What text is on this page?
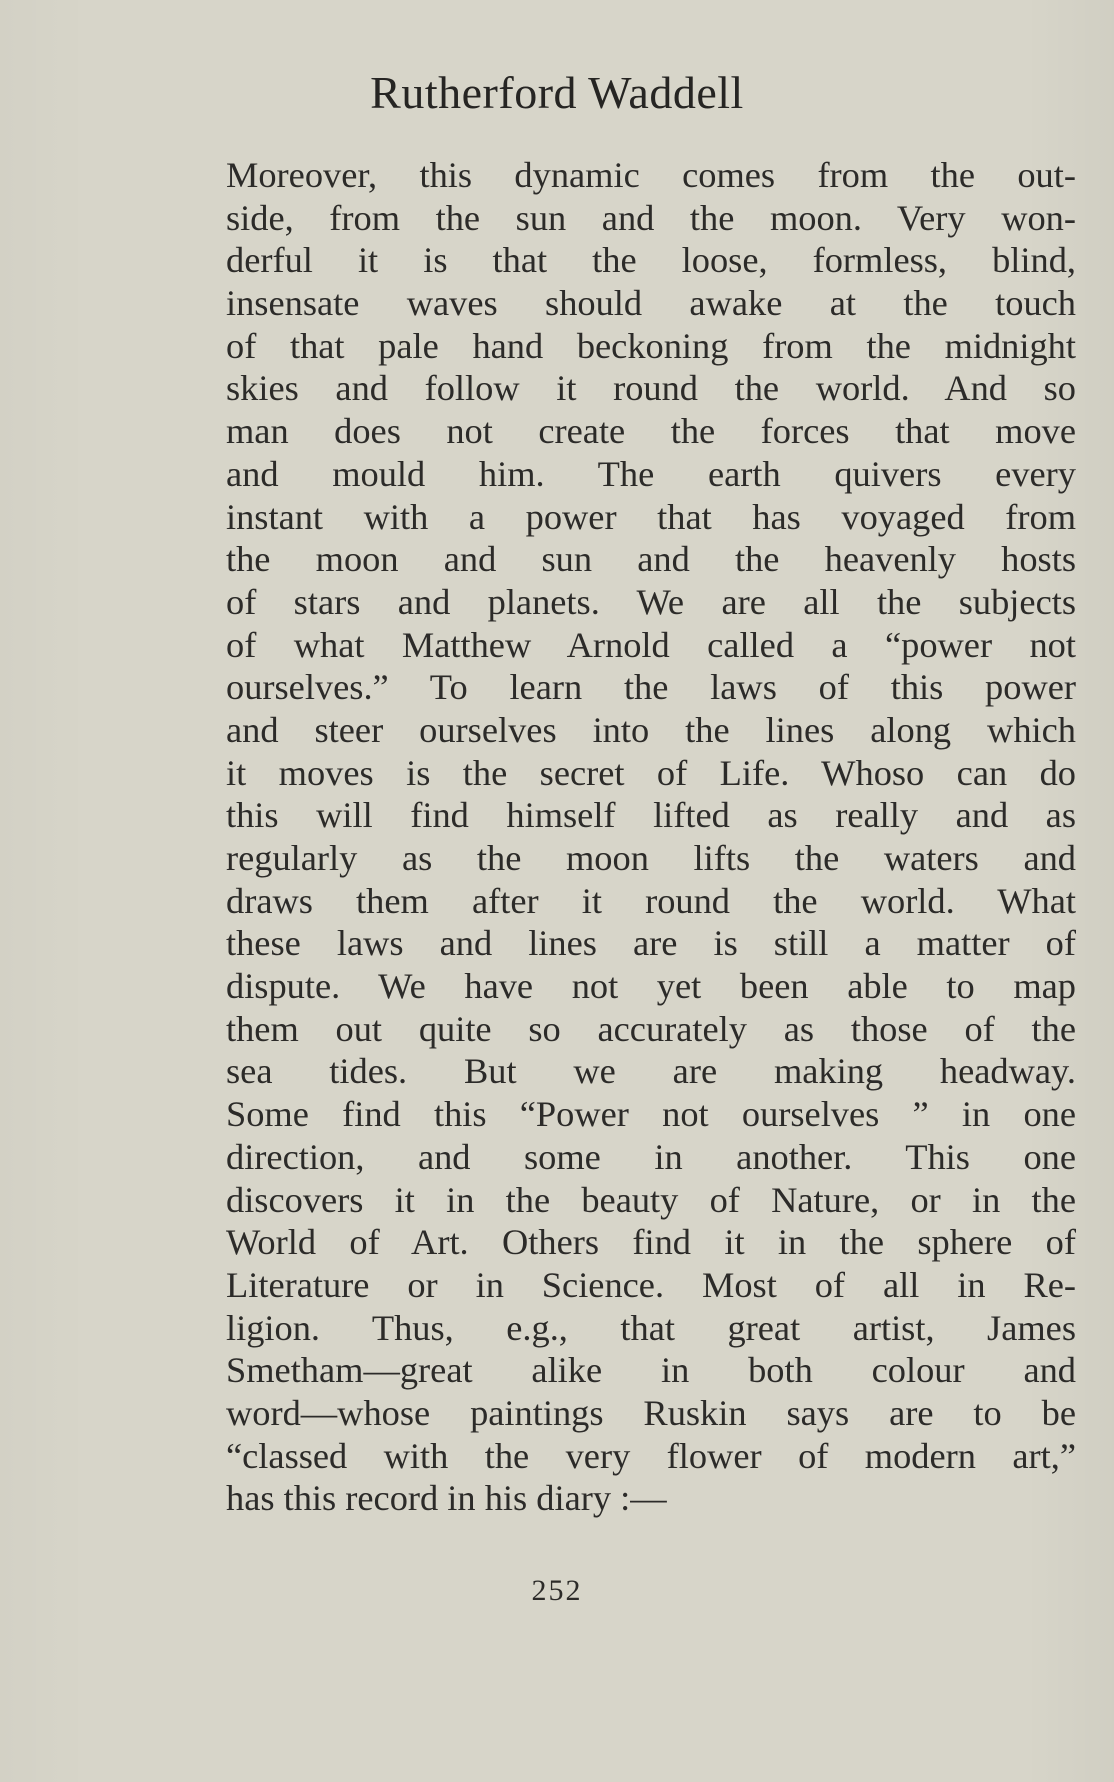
Rutherford Waddell
Moreover, this dynamic comes from the out-
side, from the sun and the moon. Very won-
derful it is that the loose, formless, blind,
insensate waves should awake at the touch
of that pale hand beckoning from the midnight
skies and follow it round the world. And so
man does not create the forces that move
and mould him. The earth quivers every
instant with a power that has voyaged from
the moon and sun and the heavenly hosts
of stars and planets. We are all the subjects
of what Matthew Arnold called a “power not
ourselves.” To learn the laws of this power
and steer ourselves into the lines along which
it moves is the secret of Life. Whoso can do
this will find himself lifted as really and as
regularly as the moon lifts the waters and
draws them after it round the world. What
these laws and lines are is still a matter of
dispute. We have not yet been able to map
them out quite so accurately as those of the
sea tides. But we are making headway.
Some find this “Power not ourselves ” in one
direction, and some in another. This one
discovers it in the beauty of Nature, or in the
World of Art. Others find it in the sphere of
Literature or in Science. Most of all in Re-
ligion. Thus, e.g., that great artist, James
Smetham—great alike in both colour and
word—whose paintings Ruskin says are to be
“classed with the very flower of modern art,”
has this record in his diary :—
252
